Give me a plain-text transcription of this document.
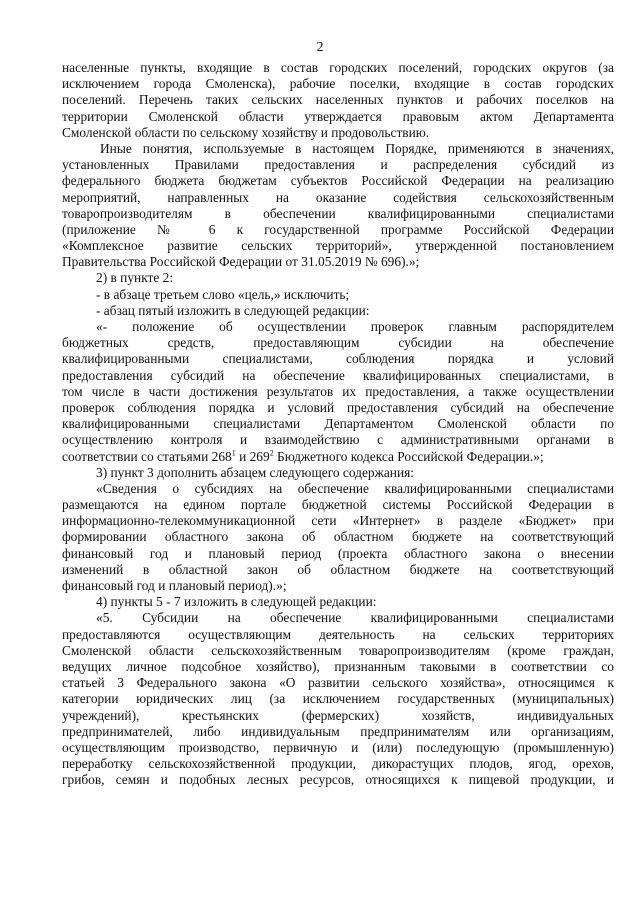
2
населенные пункты, входящие в состав городских поселений, городских округов (за
исключением города Смоленска), рабочие поселки, входящие в состав городских
поселений. Перечень таких сельских населенных пунктов и рабочих поселков на
территории Смоленской области утверждается правовым актом Департамента
Смоленской области по сельскому хозяйству и продовольствию.
Иные понятия, используемые в настоящем Порядке, применяются в значениях,
установленных Правилами предоставления и распределения субсидий из
федерального бюджета бюджетам субъектов Российской Федерации на реализацию
мероприятий, направленных на оказание содействия сельскохозяйственным
товаропроизводителям в обеспечении квалифицированными специалистами
(приложение № 6 к государственной программе Российской Федерации
«Комплексное развитие сельских территорий», утвержденной постановлением
Правительства Российской Федерации от 31.05.2019 № 696).»;
2) в пункте 2:
- в абзаце третьем слово «цель,» исключить;
- абзац пятый изложить в следующей редакции:
«- положение об осуществлении проверок главным распорядителем
бюджетных средств, предоставляющим субсидии на обеспечение
квалифицированными специалистами, соблюдения порядка и условий
предоставления субсидий на обеспечение квалифицированных специалистами, в
том числе в части достижения результатов их предоставления, а также осуществлении
проверок соблюдения порядка и условий предоставления субсидий на обеспечение
квалифицированными специалистами Департаментом Смоленской области по
осуществлению контроля и взаимодействию с административными органами в
соответствии со статьями $268^1$ и $269^2$ Бюджетного кодекса Российской Федерации.»;
3) пункт 3 дополнить абзацем следующего содержания:
«Сведения о субсидиях на обеспечение квалифицированными специалистами
размещаются на едином портале бюджетной системы Российской Федерации в
информационно-телекоммуникационной сети «Интернет» в разделе «Бюджет» при
формировании областного закона об областном бюджете на соответствующий
финансовый год и плановый период (проекта областного закона о внесении
изменений в областной закон об областном бюджете на соответствующий
финансовый год и плановый период).»;
4) пункты 5 - 7 изложить в следующей редакции:
«5. Субсидии на обеспечение квалифицированными специалистами
предоставляются осуществляющим деятельность на сельских территориях
Смоленской области сельскохозяйственным товаропроизводителям (кроме граждан,
ведущих личное подсобное хозяйство), признанным таковыми в соответствии со
статьей 3 Федерального закона «О развитии сельского хозяйства», относящимся к
категории юридических лиц (за исключением государственных (муниципальных)
учреждений), крестьянских (фермерских) хозяйств, индивидуальных
предпринимателей, либо индивидуальным предпринимателям или организациям,
осуществляющим производство, первичную и (или) последующую (промышленную)
переработку сельскохозяйственной продукции, дикорастущих плодов, ягод, орехов,
грибов, семян и подобных лесных ресурсов, относящихся к пищевой продукции, и
